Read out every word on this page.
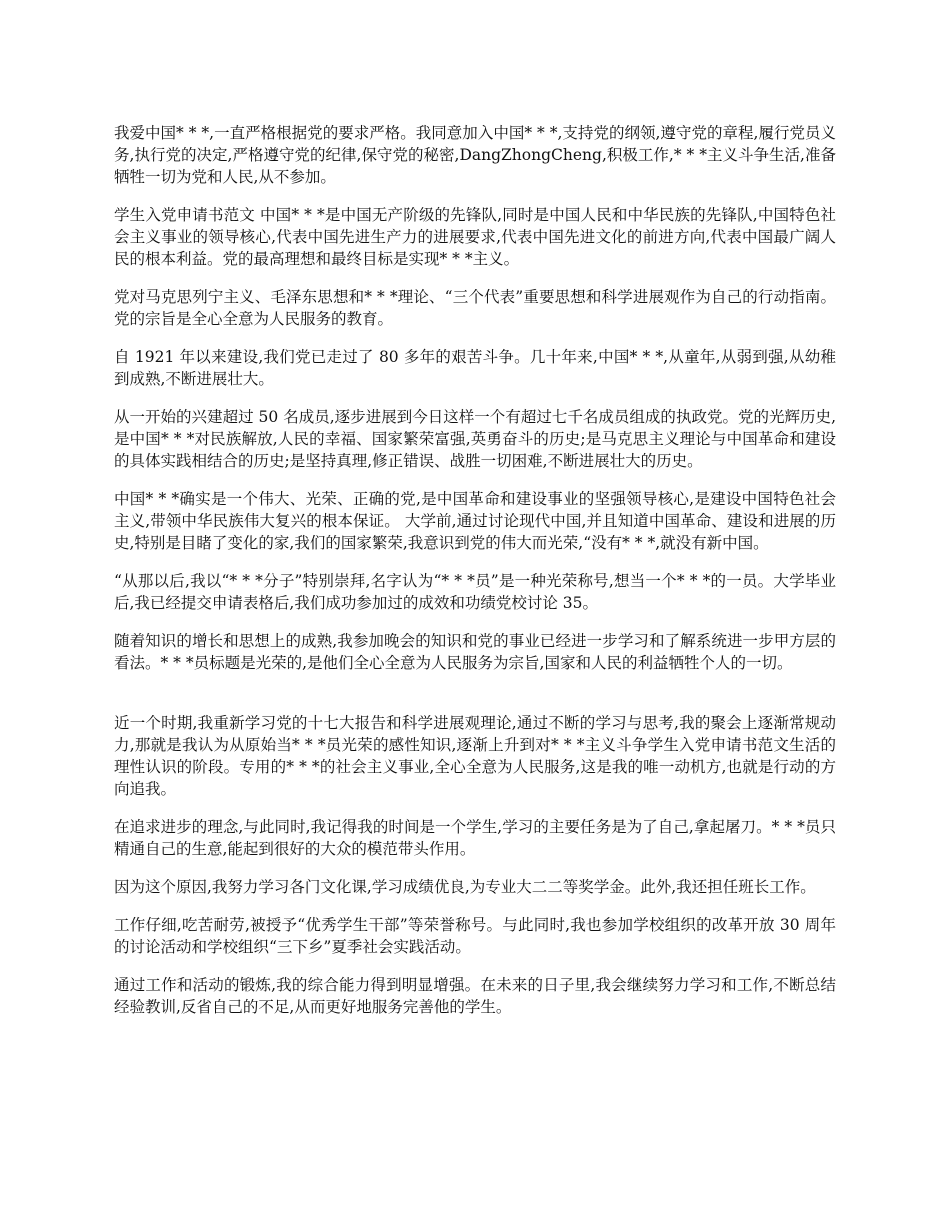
我爱中国* * *,一直严格根据党的要求严格。我同意加入中国* * *,支持党的纲领,遵守党的章程,履行党员义务,执行党的决定,严格遵守党的纪律,保守党的秘密,DangZhongCheng,积极工作,* * *主义斗争生活,准备牺牲一切为党和人民,从不参加。

学生入党申请书范文 中国* * *是中国无产阶级的先锋队,同时是中国人民和中华民族的先锋队,中国特色社会主义事业的领导核心,代表中国先进生产力的进展要求,代表中国先进文化的前进方向,代表中国最广阔人民的根本利益。党的最高理想和最终目标是实现* * *主义。

党对马克思列宁主义、毛泽东思想和* * *理论、“三个代表”重要思想和科学进展观作为自己的行动指南。党的宗旨是全心全意为人民服务的教育。

自 1921 年以来建设,我们党已走过了 80 多年的艰苦斗争。几十年来,中国* * *,从童年,从弱到强,从幼稚到成熟,不断进展壮大。

从一开始的兴建超过 50 名成员,逐步进展到今日这样一个有超过七千名成员组成的执政党。党的光辉历史,是中国* * *对民族解放,人民的幸福、国家繁荣富强,英勇奋斗的历史;是马克思主义理论与中国革命和建设的具体实践相结合的历史;是坚持真理,修正错误、战胜一切困难,不断进展壮大的历史。

中国* * *确实是一个伟大、光荣、正确的党,是中国革命和建设事业的坚强领导核心,是建设中国特色社会主义,带领中华民族伟大复兴的根本保证。 大学前,通过讨论现代中国,并且知道中国革命、建设和进展的历史,特别是目睹了变化的家,我们的国家繁荣,我意识到党的伟大而光荣,“没有* * *,就没有新中国。

“从那以后,我以“* * *分子”特别崇拜,名字认为“* * *员”是一种光荣称号,想当一个* * *的一员。大学毕业后,我已经提交申请表格后,我们成功参加过的成效和功绩党校讨论 35。

随着知识的增长和思想上的成熟,我参加晚会的知识和党的事业已经进一步学习和了解系统进一步甲方层的看法。* * *员标题是光荣的,是他们全心全意为人民服务为宗旨,国家和人民的利益牺牲个人的一切。

近一个时期,我重新学习党的十七大报告和科学进展观理论,通过不断的学习与思考,我的聚会上逐渐常规动力,那就是我认为从原始当* * *员光荣的感性知识,逐渐上升到对* * *主义斗争学生入党申请书范文生活的理性认识的阶段。专用的* * *的社会主义事业,全心全意为人民服务,这是我的唯一动机方,也就是行动的方向追我。

在追求进步的理念,与此同时,我记得我的时间是一个学生,学习的主要任务是为了自己,拿起屠刀。* * *员只精通自己的生意,能起到很好的大众的模范带头作用。

因为这个原因,我努力学习各门文化课,学习成绩优良,为专业大二二等奖学金。此外,我还担任班长工作。

工作仔细,吃苦耐劳,被授予“优秀学生干部”等荣誉称号。与此同时,我也参加学校组织的改革开放 30 周年的讨论活动和学校组织“三下乡”夏季社会实践活动。

通过工作和活动的锻炼,我的综合能力得到明显增强。在未来的日子里,我会继续努力学习和工作,不断总结经验教训,反省自己的不足,从而更好地服务完善他的学生。
